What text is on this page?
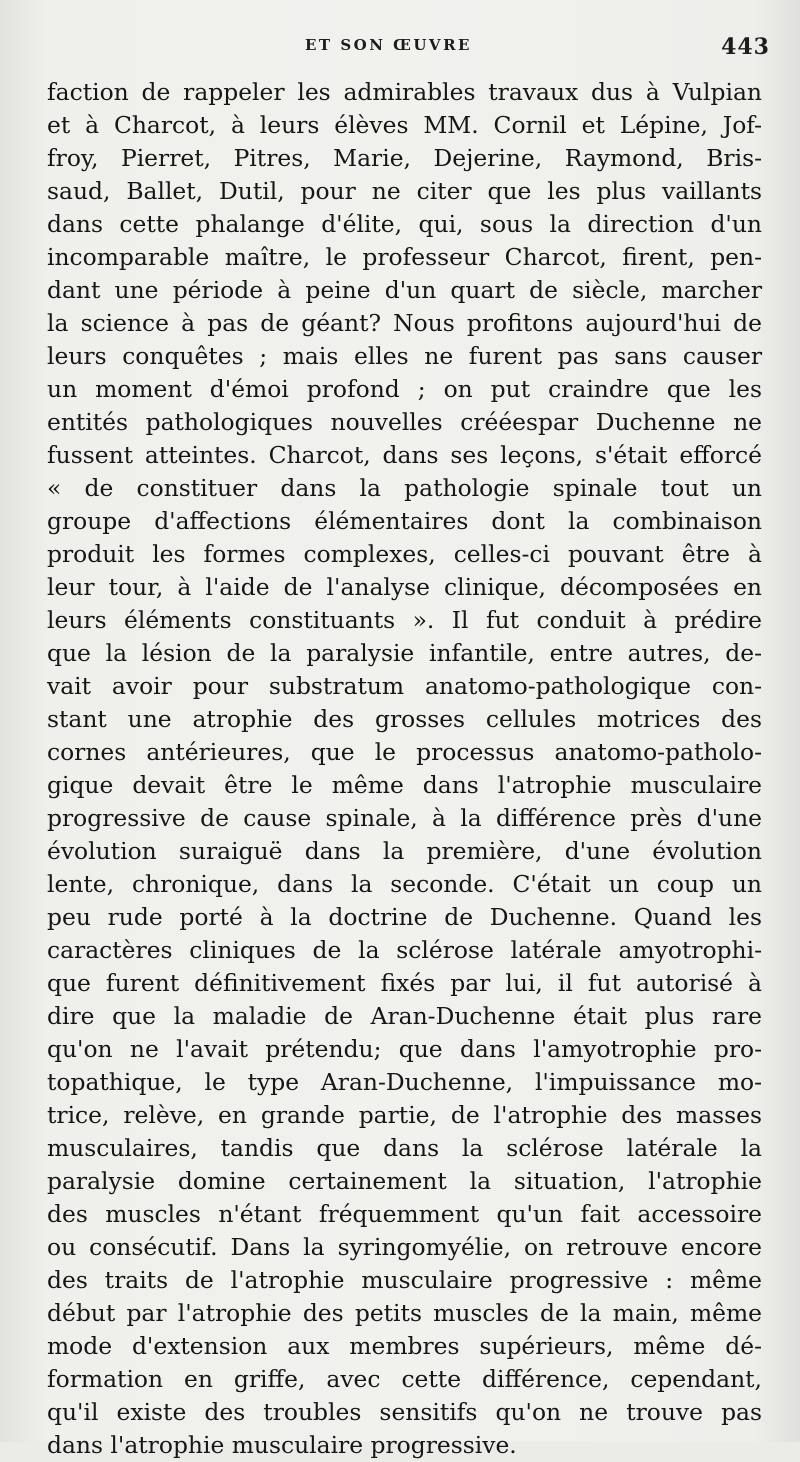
ET SON ŒUVRE	443
faction de rappeler les admirables travaux dus à Vulpian
et à Charcot, à leurs élèves MM. Cornil et Lépine, Jof-
froy, Pierret, Pitres, Marie, Dejerine, Raymond, Bris-
saud, Ballet, Dutil, pour ne citer que les plus vaillants
dans cette phalange d'élite, qui, sous la direction d'un
incomparable maître, le professeur Charcot, firent, pen-
dant une période à peine d'un quart de siècle, marcher
la science à pas de géant? Nous profitons aujourd'hui de
leurs conquêtes ; mais elles ne furent pas sans causer
un moment d'émoi profond ; on put craindre que les
entités pathologiques nouvelles crééespar Duchenne ne
fussent atteintes. Charcot, dans ses leçons, s'était efforcé
« de constituer dans la pathologie spinale tout un
groupe d'affections élémentaires dont la combinaison
produit les formes complexes, celles-ci pouvant être à
leur tour, à l'aide de l'analyse clinique, décomposées en
leurs éléments constituants ». Il fut conduit à prédire
que la lésion de la paralysie infantile, entre autres, de-
vait avoir pour substratum anatomo-pathologique con-
stant une atrophie des grosses cellules motrices des
cornes antérieures, que le processus anatomo-patholo-
gique devait être le même dans l'atrophie musculaire
progressive de cause spinale, à la différence près d'une
évolution suraiguë dans la première, d'une évolution
lente, chronique, dans la seconde. C'était un coup un
peu rude porté à la doctrine de Duchenne. Quand les
caractères cliniques de la sclérose latérale amyotrophi-
que furent définitivement fixés par lui, il fut autorisé à
dire que la maladie de Aran-Duchenne était plus rare
qu'on ne l'avait prétendu; que dans l'amyotrophie pro-
topathique, le type Aran-Duchenne, l'impuissance mo-
trice, relève, en grande partie, de l'atrophie des masses
musculaires, tandis que dans la sclérose latérale la
paralysie domine certainement la situation, l'atrophie
des muscles n'étant fréquemment qu'un fait accessoire
ou consécutif. Dans la syringomyélie, on retrouve encore
des traits de l'atrophie musculaire progressive : même
début par l'atrophie des petits muscles de la main, même
mode d'extension aux membres supérieurs, même dé-
formation en griffe, avec cette différence, cependant,
qu'il existe des troubles sensitifs qu'on ne trouve pas
dans l'atrophie musculaire progressive.
